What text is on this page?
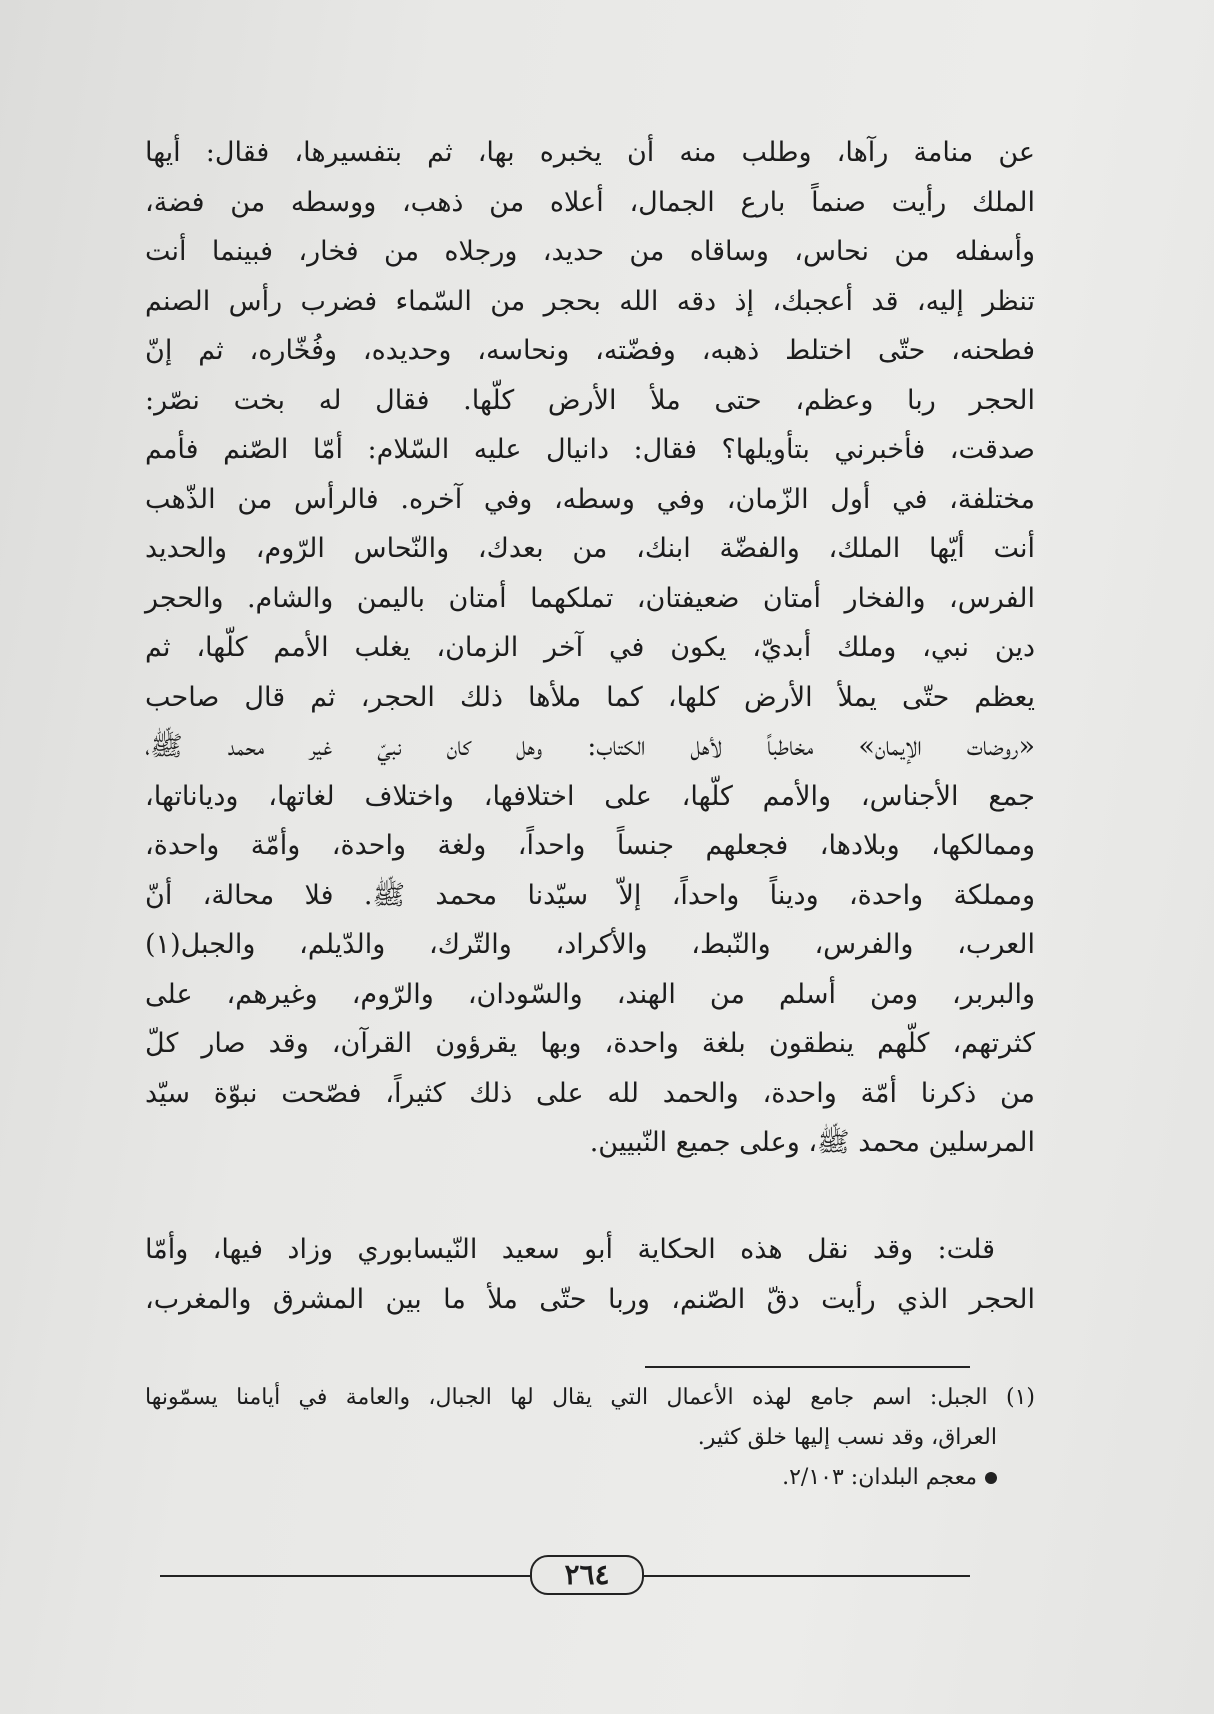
عن منامة رآها، وطلب منه أن يخبره بها، ثم بتفسيرها، فقال: أيها
الملك رأيت صنماً بارع الجمال، أعلاه من ذهب، ووسطه من فضة،
وأسفله من نحاس، وساقاه من حديد، ورجلاه من فخار، فبينما أنت
تنظر إليه، قد أعجبك، إذ دقه الله بحجر من السّماء فضرب رأس الصنم
فطحنه، حتّى اختلط ذهبه، وفضّته، ونحاسه، وحديده، وفُخّاره، ثم إنّ
الحجر ربا وعظم، حتى ملأ الأرض كلّها. فقال له بخت نصّر:
صدقت، فأخبرني بتأويلها؟ فقال: دانيال عليه السّلام: أمّا الصّنم فأمم
مختلفة، في أول الزّمان، وفي وسطه، وفي آخره. فالرأس من الذّهب
أنت أيّها الملك، والفضّة ابنك، من بعدك، والنّحاس الرّوم، والحديد
الفرس، والفخار أمتان ضعيفتان، تملكهما أمتان باليمن والشام. والحجر
دين نبي، وملك أبديّ، يكون في آخر الزمان، يغلب الأمم كلّها، ثم
يعظم حتّى يملأ الأرض كلها، كما ملأها ذلك الحجر، ثم قال صاحب
«روضات الإيمان» مخاطباً لأهل الكتاب: وهل كان نبيّ غير محمد ﷺ،
جمع الأجناس، والأمم كلّها، على اختلافها، واختلاف لغاتها، ودياناتها،
وممالكها، وبلادها، فجعلهم جنساً واحداً، ولغة واحدة، وأمّة واحدة،
ومملكة واحدة، وديناً واحداً، إلاّ سيّدنا محمد ﷺ. فلا محالة، أنّ
العرب، والفرس، والنّبط، والأكراد، والتّرك، والدّيلم، والجبل(١)
والبربر، ومن أسلم من الهند، والسّودان، والرّوم، وغيرهم، على
كثرتهم، كلّهم ينطقون بلغة واحدة، وبها يقرؤون القرآن، وقد صار كلّ
من ذكرنا أمّة واحدة، والحمد لله على ذلك كثيراً، فصّحت نبوّة سيّد
المرسلين محمد ﷺ، وعلى جميع النّبيين.
قلت: وقد نقل هذه الحكاية أبو سعيد النّيسابوري وزاد فيها، وأمّا
الحجر الذي رأيت دقّ الصّنم، وربا حتّى ملأ ما بين المشرق والمغرب،
(١) الجبل: اسم جامع لهذه الأعمال التي يقال لها الجبال، والعامة في أيامنا يسمّونها
العراق، وقد نسب إليها خلق كثير.
معجم البلدان: ٢/١٠٣.
٢٦٤
